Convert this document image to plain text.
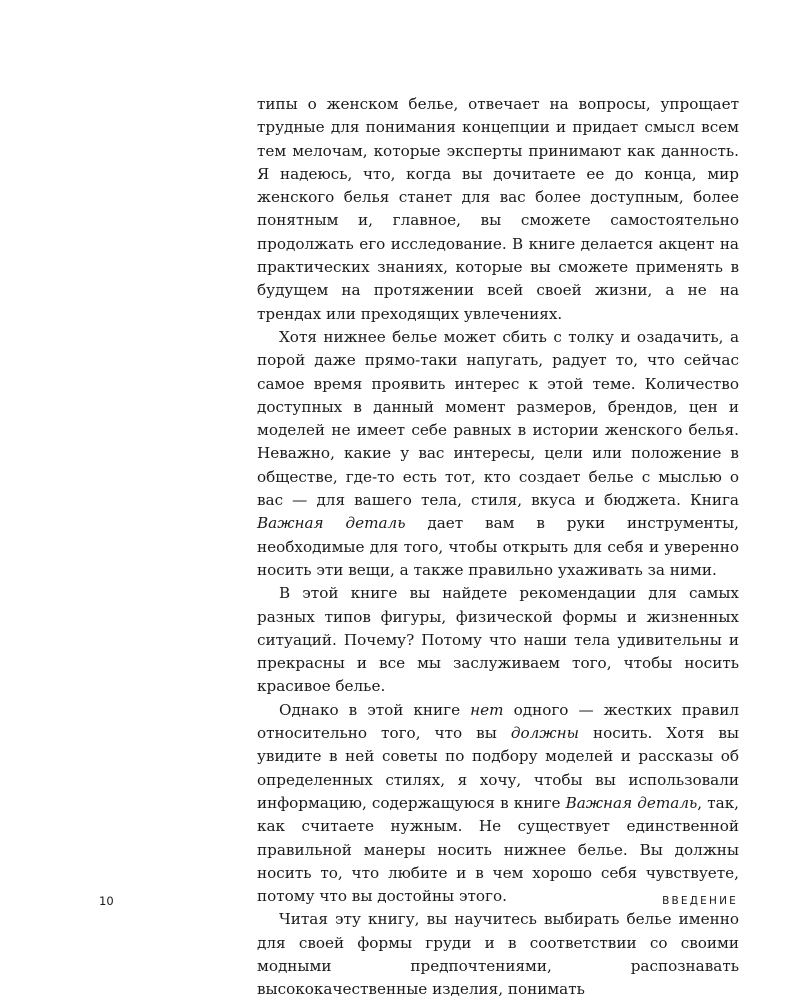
типы о женском белье, отвечает на вопросы, упрощает трудные для понимания концепции и придает смысл всем тем мелочам, которые эксперты принимают как данность. Я надеюсь, что, когда вы дочитаете ее до конца, мир женского белья станет для вас более доступным, более понятным и, главное, вы сможете самостоятельно продолжать его исследование. В книге делается акцент на практических знаниях, которые вы сможете применять в будущем на протяжении всей своей жизни, а не на трендах или преходящих увлечениях.

Хотя нижнее белье может сбить с толку и озадачить, а порой даже прямо-таки напугать, радует то, что сейчас самое время проявить интерес к этой теме. Количество доступных в данный момент размеров, брендов, цен и моделей не имеет себе равных в истории женского белья. Неважно, какие у вас интересы, цели или положение в обществе, где-то есть тот, кто создает белье с мыслью о вас — для вашего тела, стиля, вкуса и бюджета. Книга Важная деталь дает вам в руки инструменты, необходимые для того, чтобы открыть для себя и уверенно носить эти вещи, а также правильно ухаживать за ними.

В этой книге вы найдете рекомендации для самых разных типов фигуры, физической формы и жизненных ситуаций. Почему? Потому что наши тела удивительны и прекрасны и все мы заслуживаем того, чтобы носить красивое белье.

Однако в этой книге нет одного — жестких правил относительно того, что вы должны носить. Хотя вы увидите в ней советы по подбору моделей и рассказы об определенных стилях, я хочу, чтобы вы использовали информацию, содержащуюся в книге Важная деталь, так, как считаете нужным. Не существует единственной правильной манеры носить нижнее белье. Вы должны носить то, что любите и в чем хорошо себя чувствуете, потому что вы достойны этого.

Читая эту книгу, вы научитесь выбирать белье именно для своей формы груди и в соответствии со своими модными предпочтениями, распознавать высококачественные изделия, понимать

10	ВВЕДЕНИЕ
